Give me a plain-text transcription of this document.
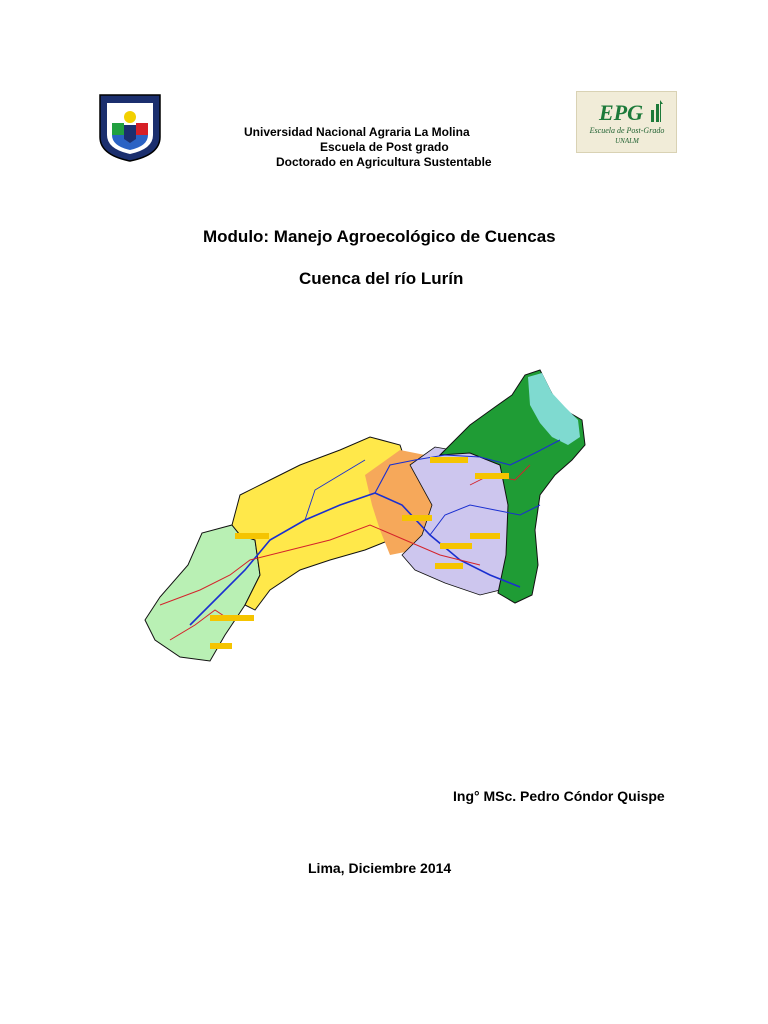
EPG
Escuela de Post-Grado
UNALM
Universidad Nacional Agraria La Molina
Escuela de Post grado
Doctorado en Agricultura Sustentable
Modulo: Manejo Agroecológico de Cuencas
Cuenca del río Lurín
Ing° MSc. Pedro Cóndor Quispe
Lima, Diciembre 2014
